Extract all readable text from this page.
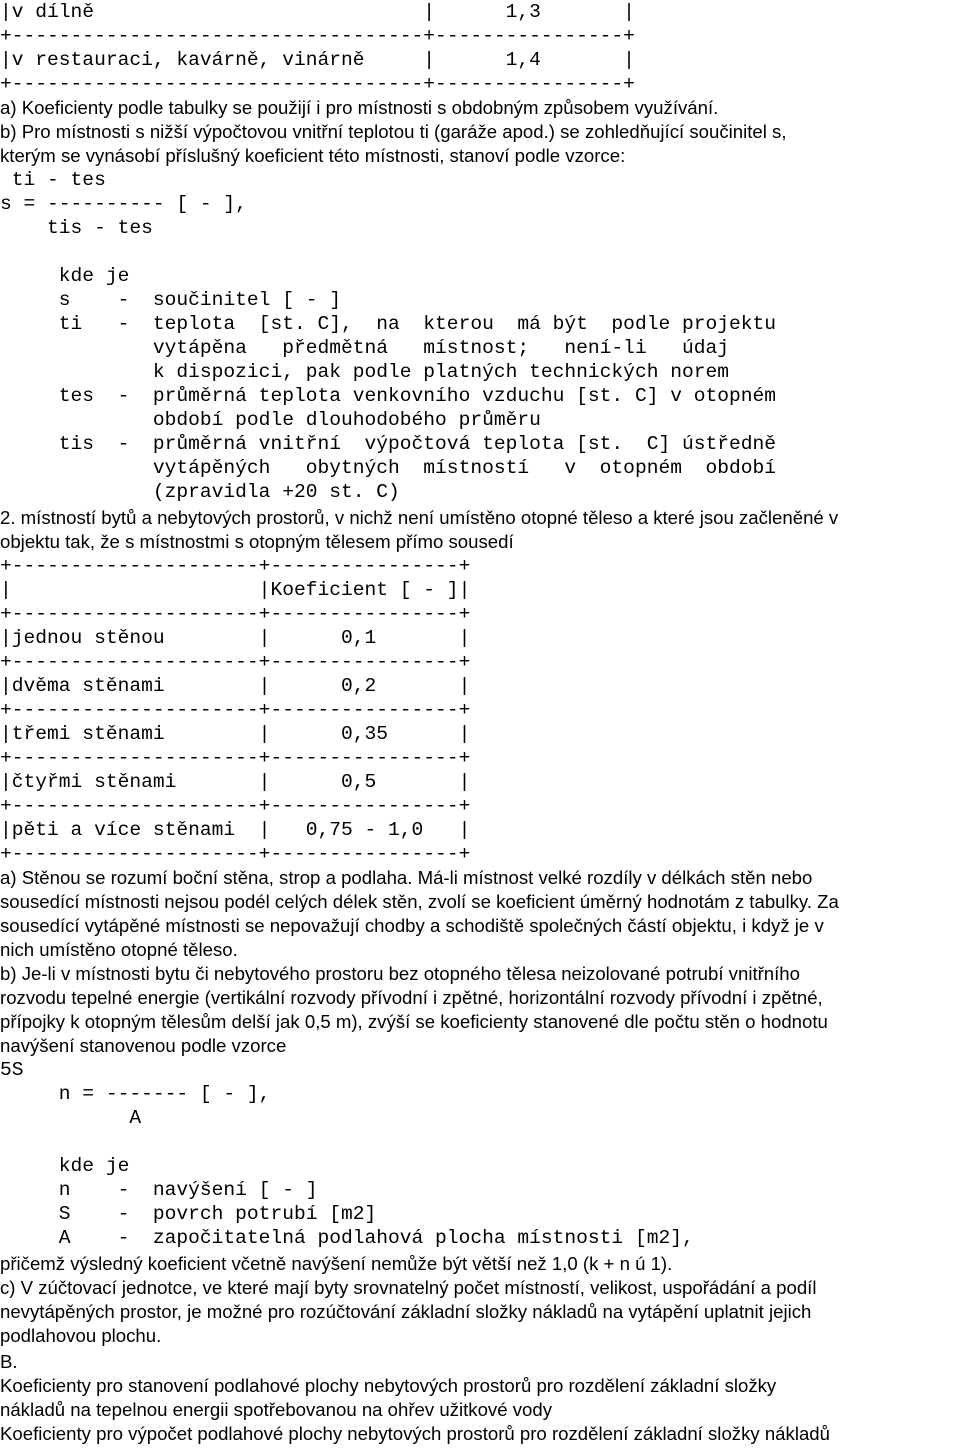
|v dílně                            |      1,3       |
+-----------------------------------+----------------+
|v restauraci, kavárně, vinárně     |      1,4       |
+-----------------------------------+----------------+
a) Koeficienty podle tabulky se použijí i pro místnosti s obdobným způsobem využívání.
b) Pro místnosti s nižší výpočtovou vnitřní teplotou ti (garáže apod.) se zohledňující součinitel s,
kterým se vynásobí příslušný koeficient této místnosti, stanoví podle vzorce:
ti - tes
s = ---------- [ - ],
tis - tes
kde je
s    -  součinitel [ - ]
ti   -  teplota  [st. C],  na  kterou  má být  podle projektu
vytápěna   předmětná   místnost;   není-li   údaj
k dispozici, pak podle platných technických norem
tes  -  průměrná teplota venkovního vzduchu [st. C] v otopném
období podle dlouhodobého průměru
tis  -  průměrná vnitřní  výpočtová teplota [st.  C] ústředně
vytápěných   obytných  místností   v  otopném  období
(zpravidla +20 st. C)
2. místností bytů a nebytových prostorů, v nichž není umístěno otopné těleso a které jsou začleněné v
objektu tak, že s místnostmi s otopným tělesem přímo sousedí
+---------------------+----------------+
|                     |Koeficient [ - ]|
+---------------------+----------------+
|jednou stěnou        |      0,1       |
+---------------------+----------------+
|dvěma stěnami        |      0,2       |
+---------------------+----------------+
|třemi stěnami        |      0,35      |
+---------------------+----------------+
|čtyřmi stěnami       |      0,5       |
+---------------------+----------------+
|pěti a více stěnami  |   0,75 - 1,0   |
+---------------------+----------------+
a) Stěnou se rozumí boční stěna, strop a podlaha. Má-li místnost velké rozdíly v délkách stěn nebo
sousedící místnosti nejsou podél celých délek stěn, zvolí se koeficient úměrný hodnotám z tabulky. Za
sousedící vytápěné místnosti se nepovažují chodby a schodiště společných částí objektu, i když je v
nich umístěno otopné těleso.
b) Je-li v místnosti bytu či nebytového prostoru bez otopného tělesa neizolované potrubí vnitřního
rozvodu tepelné energie (vertikální rozvody přívodní i zpětné, horizontální rozvody přívodní i zpětné,
přípojky k otopným tělesům delší jak 0,5 m), zvýší se koeficienty stanovené dle počtu stěn o hodnotu
navýšení stanovenou podle vzorce
5S
n = ------- [ - ],
A
kde je
n    -  navýšení [ - ]
S    -  povrch potrubí [m2]
A    -  započitatelná podlahová plocha místnosti [m2],
přičemž výsledný koeficient včetně navýšení nemůže být větší než 1,0 (k + n ú 1).
c) V zúčtovací jednotce, ve které mají byty srovnatelný počet místností, velikost, uspořádání a podíl
nevytápěných prostor, je možné pro rozúčtování základní složky nákladů na vytápění uplatnit jejich
podlahovou plochu.
B.
Koeficienty pro stanovení podlahové plochy nebytových prostorů pro rozdělení základní složky
nákladů na tepelnou energii spotřebovanou na ohřev užitkové vody
Koeficienty pro výpočet podlahové plochy nebytových prostorů pro rozdělení základní složky nákladů
